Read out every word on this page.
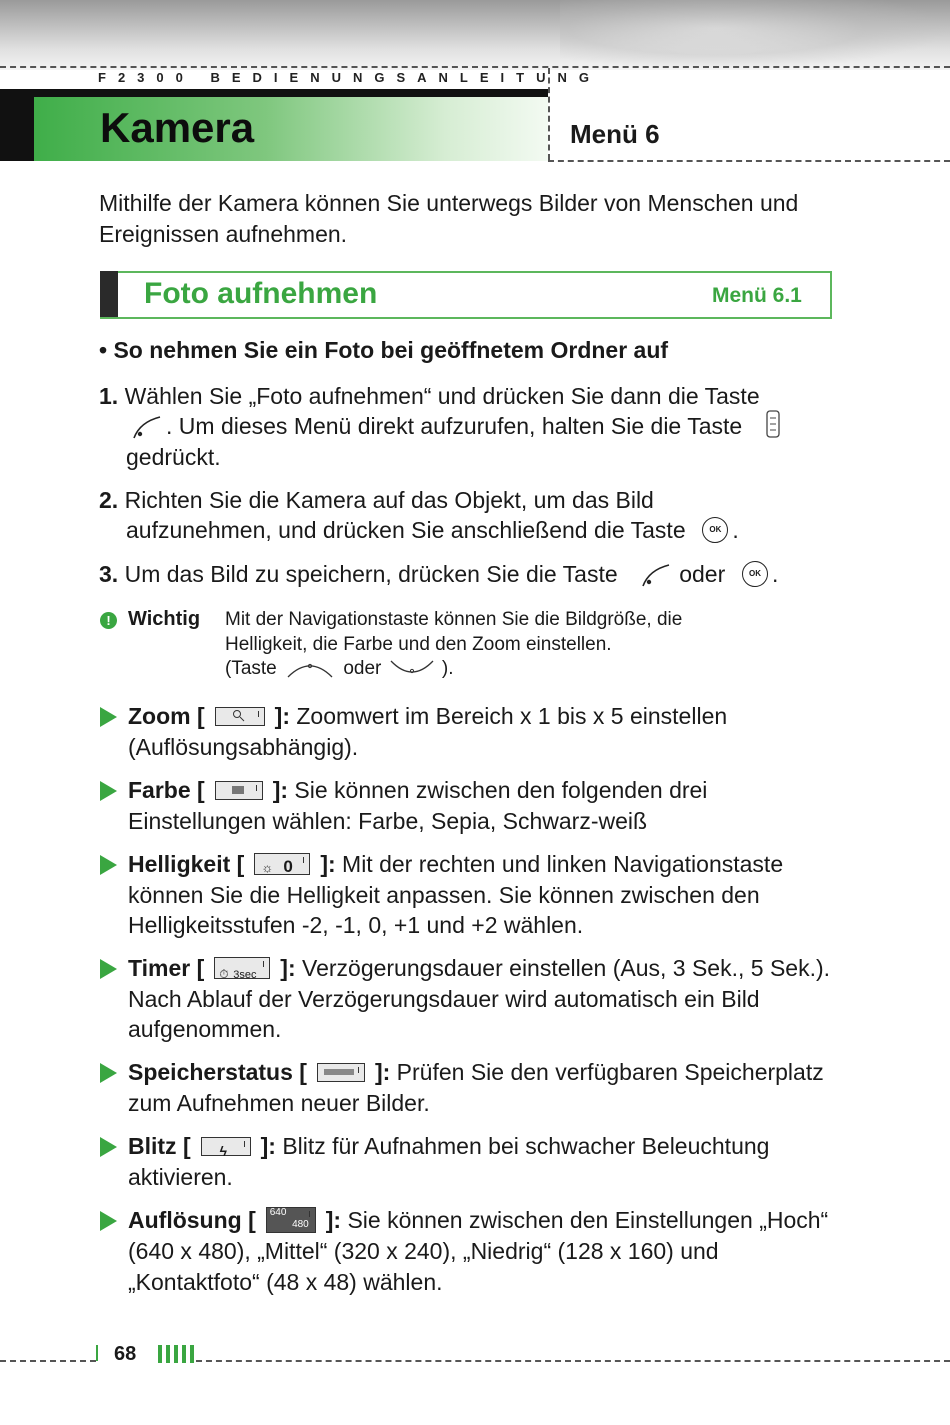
F2300 BEDIENUNGSANLEITUNG
Kamera	Menü 6
Mithilfe der Kamera können Sie unterwegs Bilder von Menschen und Ereignissen aufnehmen.
Foto aufnehmen	Menü 6.1
• So nehmen Sie ein Foto bei geöffnetem Ordner auf
1. Wählen Sie „Foto aufnehmen“ und drücken Sie dann die Taste
. Um dieses Menü direkt aufzurufen, halten Sie die Taste
gedrückt.
2. Richten Sie die Kamera auf das Objekt, um das Bild
aufzunehmen, und drücken Sie anschließend die Taste	OK .
3. Um das Bild zu speichern, drücken Sie die Taste	oder	OK .
! Wichtig Mit der Navigationstaste können Sie die Bildgröße, die
Helligkeit, die Farbe und den Zoom einstellen.
(Taste	oder	).
Zoom [	]: Zoomwert im Bereich x 1 bis x 5 einstellen (Auflösungsabhängig).
Farbe [	]: Sie können zwischen den folgenden drei Einstellungen wählen: Farbe, Sepia, Schwarz-weiß
Helligkeit [ ☼ 0 ]: Mit der rechten und linken Navigationstaste können Sie die Helligkeit anpassen. Sie können zwischen den Helligkeitsstufen -2, -1, 0, +1 und +2 wählen.
Timer [ ⏱ 3sec ]: Verzögerungsdauer einstellen (Aus, 3 Sek., 5 Sek.). Nach Ablauf der Verzögerungsdauer wird automatisch ein Bild aufgenommen.
Speicherstatus [	]: Prüfen Sie den verfügbaren Speicherplatz zum Aufnehmen neuer Bilder.
Blitz [ ϟ ]: Blitz für Aufnahmen bei schwacher Beleuchtung aktivieren.
Auflösung [ 640
480 ]: Sie können zwischen den Einstellungen „Hoch“ (640 x 480), „Mittel“ (320 x 240), „Niedrig“ (128 x 160) und „Kontaktfoto“ (48 x 48) wählen.
68
